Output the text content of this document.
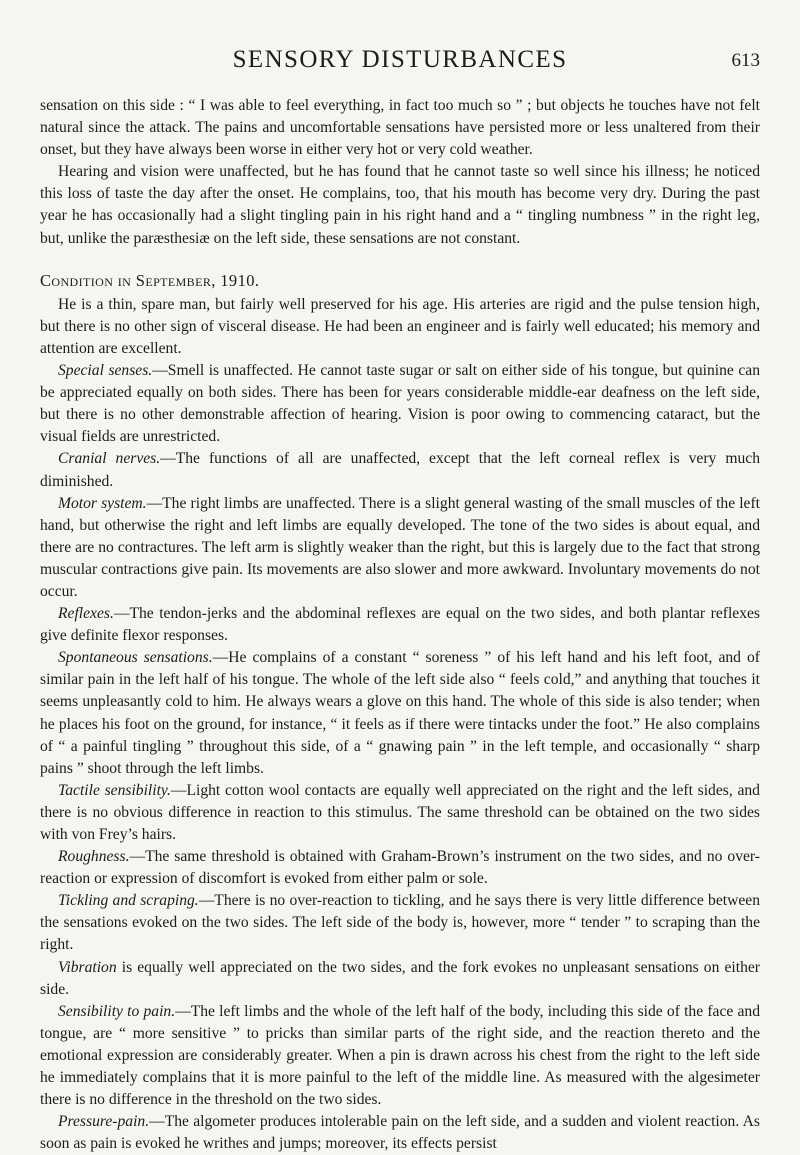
SENSORY DISTURBANCES	613

sensation on this side : “ I was able to feel everything, in fact too much so ” ; but objects he touches have not felt natural since the attack. The pains and uncomfortable sensations have persisted more or less unaltered from their onset, but they have always been worse in either very hot or very cold weather.

Hearing and vision were unaffected, but he has found that he cannot taste so well since his illness; he noticed this loss of taste the day after the onset. He complains, too, that his mouth has become very dry. During the past year he has occasionally had a slight tingling pain in his right hand and a “ tingling numbness ” in the right leg, but, unlike the paræsthesiæ on the left side, these sensations are not constant.

Condition in September, 1910.

He is a thin, spare man, but fairly well preserved for his age. His arteries are rigid and the pulse tension high, but there is no other sign of visceral disease. He had been an engineer and is fairly well educated; his memory and attention are excellent.

Special senses.—Smell is unaffected. He cannot taste sugar or salt on either side of his tongue, but quinine can be appreciated equally on both sides. There has been for years considerable middle-ear deafness on the left side, but there is no other demonstrable affection of hearing. Vision is poor owing to commencing cataract, but the visual fields are unrestricted.

Cranial nerves.—The functions of all are unaffected, except that the left corneal reflex is very much diminished.

Motor system.—The right limbs are unaffected. There is a slight general wasting of the small muscles of the left hand, but otherwise the right and left limbs are equally developed. The tone of the two sides is about equal, and there are no contractures. The left arm is slightly weaker than the right, but this is largely due to the fact that strong muscular contractions give pain. Its movements are also slower and more awkward. Involuntary movements do not occur.

Reflexes.—The tendon-jerks and the abdominal reflexes are equal on the two sides, and both plantar reflexes give definite flexor responses.

Spontaneous sensations.—He complains of a constant “ soreness ” of his left hand and his left foot, and of similar pain in the left half of his tongue. The whole of the left side also “ feels cold,” and anything that touches it seems unpleasantly cold to him. He always wears a glove on this hand. The whole of this side is also tender; when he places his foot on the ground, for instance, “ it feels as if there were tintacks under the foot.” He also complains of “ a painful tingling ” throughout this side, of a “ gnawing pain ” in the left temple, and occasionally “ sharp pains ” shoot through the left limbs.

Tactile sensibility.—Light cotton wool contacts are equally well appreciated on the right and the left sides, and there is no obvious difference in reaction to this stimulus. The same threshold can be obtained on the two sides with von Frey’s hairs.

Roughness.—The same threshold is obtained with Graham-Brown’s instrument on the two sides, and no over-reaction or expression of discomfort is evoked from either palm or sole.

Tickling and scraping.—There is no over-reaction to tickling, and he says there is very little difference between the sensations evoked on the two sides. The left side of the body is, however, more “ tender ” to scraping than the right.

Vibration is equally well appreciated on the two sides, and the fork evokes no unpleasant sensations on either side.

Sensibility to pain.—The left limbs and the whole of the left half of the body, including this side of the face and tongue, are “ more sensitive ” to pricks than similar parts of the right side, and the reaction thereto and the emotional expression are considerably greater. When a pin is drawn across his chest from the right to the left side he immediately complains that it is more painful to the left of the middle line. As measured with the algesimeter there is no difference in the threshold on the two sides.

Pressure-pain.—The algometer produces intolerable pain on the left side, and a sudden and violent reaction. As soon as pain is evoked he writhes and jumps; moreover, its effects persist
